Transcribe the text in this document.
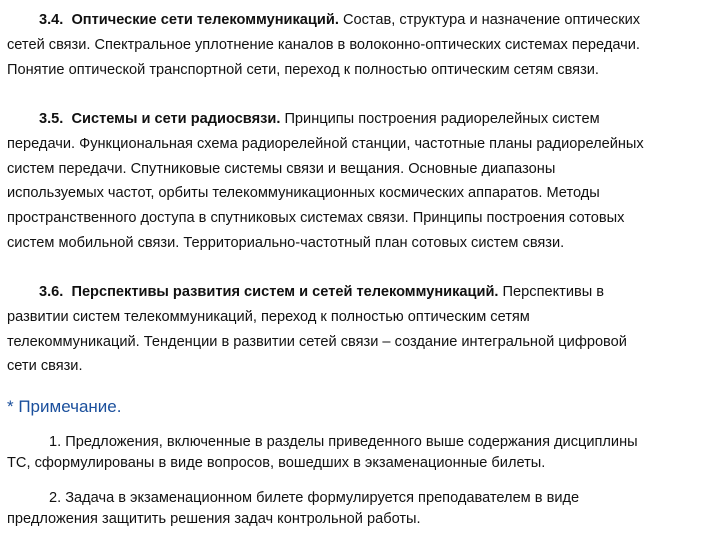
3.4. Оптические сети телекоммуникаций. Состав, структура и назначение оптических
сетей связи. Спектральное уплотнение каналов в волоконно-оптических системах передачи.
Понятие оптической транспортной сети, переход к полностью оптическим сетям связи.
3.5. Системы и сети радиосвязи. Принципы построения радиорелейных систем
передачи. Функциональная схема радиорелейной станции, частотные планы радиорелейных
систем передачи. Спутниковые системы связи и вещания. Основные диапазоны
используемых частот, орбиты телекоммуникационных космических аппаратов. Методы
пространственного доступа в спутниковых системах связи. Принципы построения сотовых
систем мобильной связи. Территориально-частотный план сотовых систем связи.
3.6. Перспективы развития систем и сетей телекоммуникаций. Перспективы в
развитии систем телекоммуникаций, переход к полностью оптическим сетям
телекоммуникаций. Тенденции в развитии сетей связи – создание интегральной цифровой
сети связи.
* Примечание.
1. Предложения, включенные в разделы приведенного выше содержания дисциплины
ТС, сформулированы в виде вопросов, вошедших в экзаменационные билеты.
2. Задача в экзаменационном билете формулируется преподавателем в виде
предложения защитить решения задач контрольной работы.
